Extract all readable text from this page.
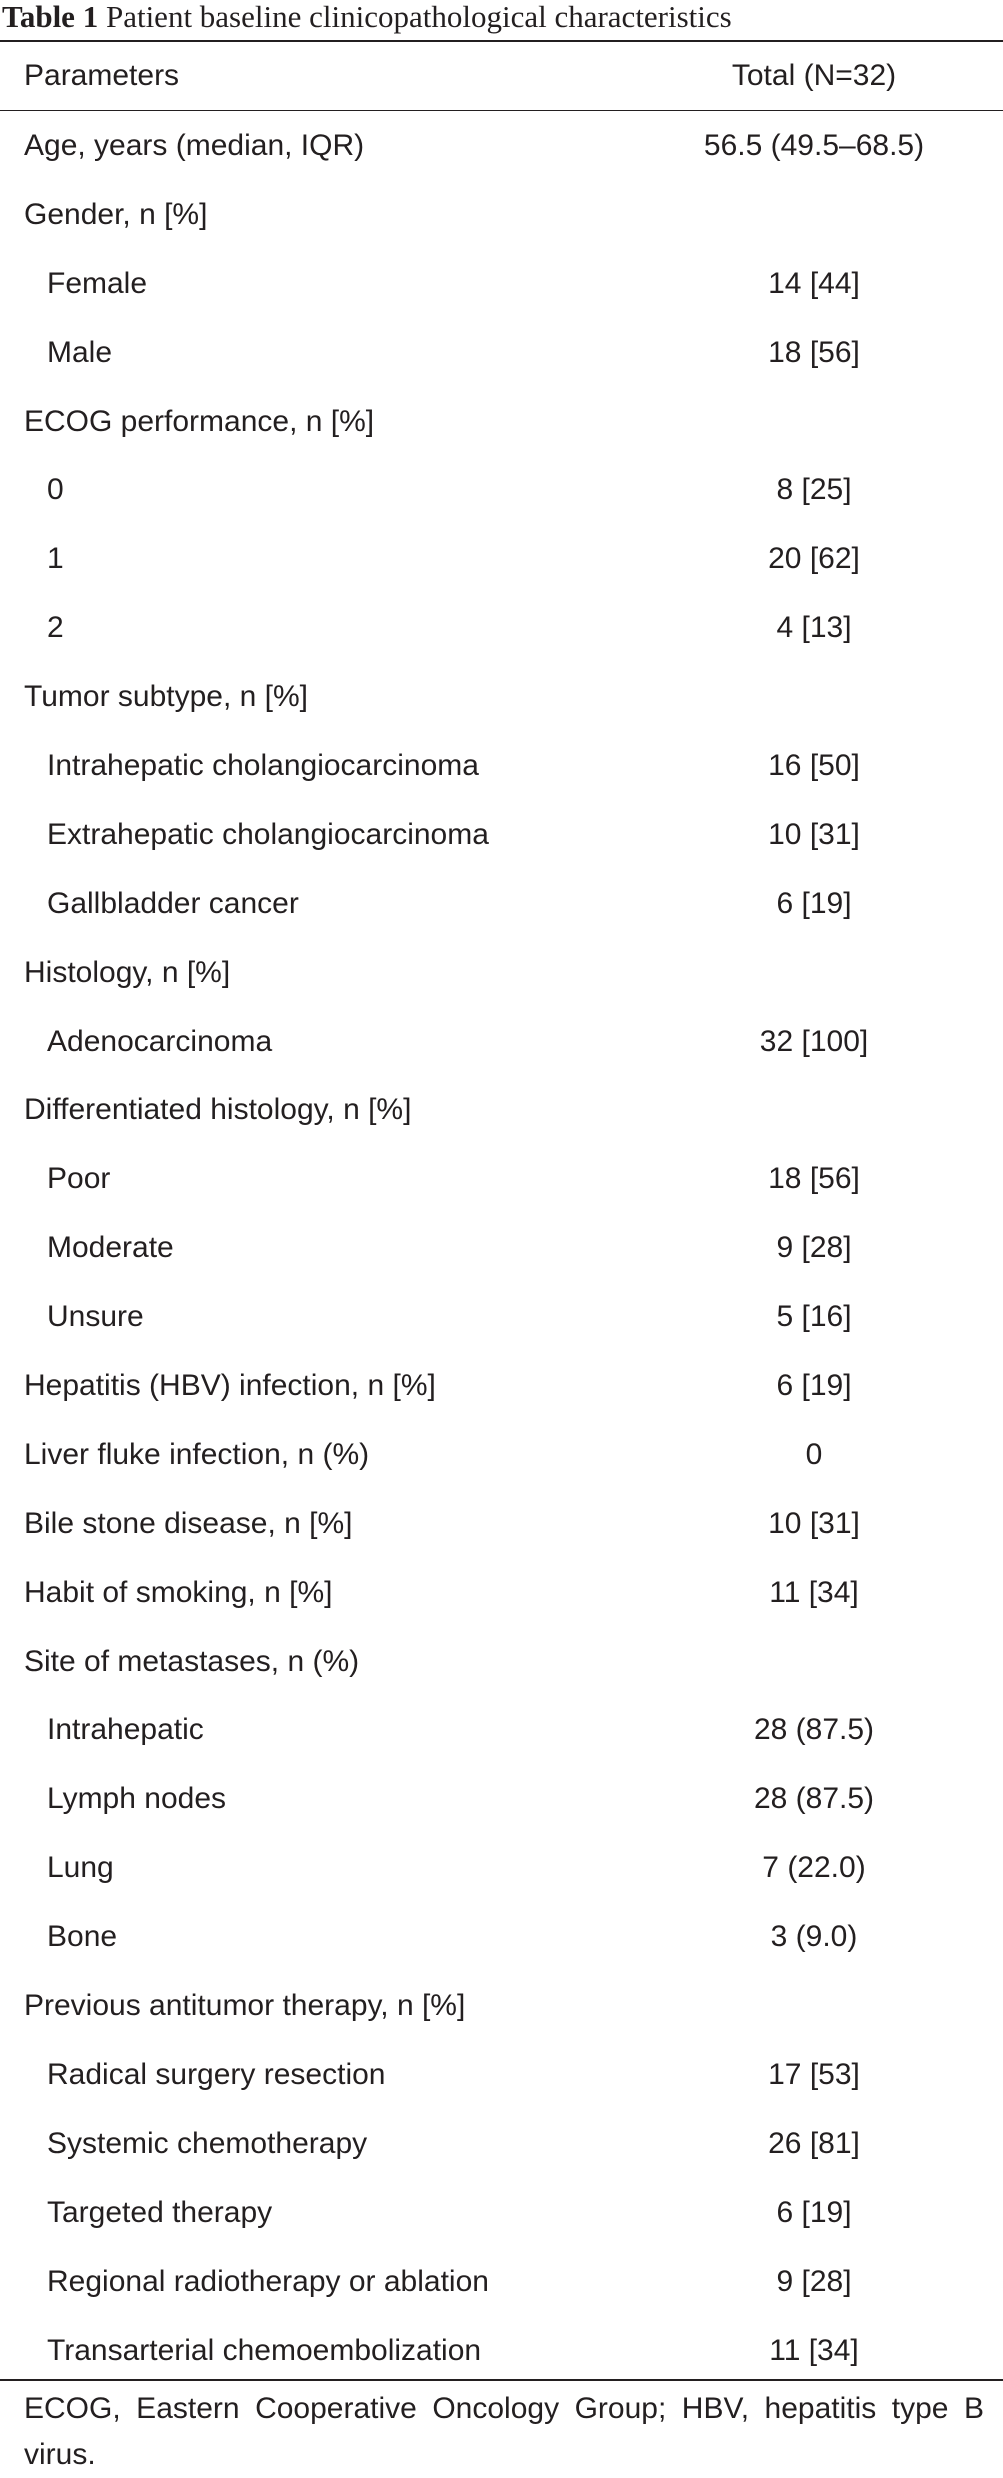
Table 1 Patient baseline clinicopathological characteristics
Parameters	Total (N=32)
Age, years (median, IQR)	56.5 (49.5–68.5)
Gender, n [%]
Female	14 [44]
Male	18 [56]
ECOG performance, n [%]
0	8 [25]
1	20 [62]
2	4 [13]
Tumor subtype, n [%]
Intrahepatic cholangiocarcinoma	16 [50]
Extrahepatic cholangiocarcinoma	10 [31]
Gallbladder cancer	6 [19]
Histology, n [%]
Adenocarcinoma	32 [100]
Differentiated histology, n [%]
Poor	18 [56]
Moderate	9 [28]
Unsure	5 [16]
Hepatitis (HBV) infection, n [%]	6 [19]
Liver fluke infection, n (%)	0
Bile stone disease, n [%]	10 [31]
Habit of smoking, n [%]	11 [34]
Site of metastases, n (%)
Intrahepatic	28 (87.5)
Lymph nodes	28 (87.5)
Lung	7 (22.0)
Bone	3 (9.0)
Previous antitumor therapy, n [%]
Radical surgery resection	17 [53]
Systemic chemotherapy	26 [81]
Targeted therapy	6 [19]
Regional radiotherapy or ablation	9 [28]
Transarterial chemoembolization	11 [34]
ECOG, Eastern Cooperative Oncology Group; HBV, hepatitis type B virus.
